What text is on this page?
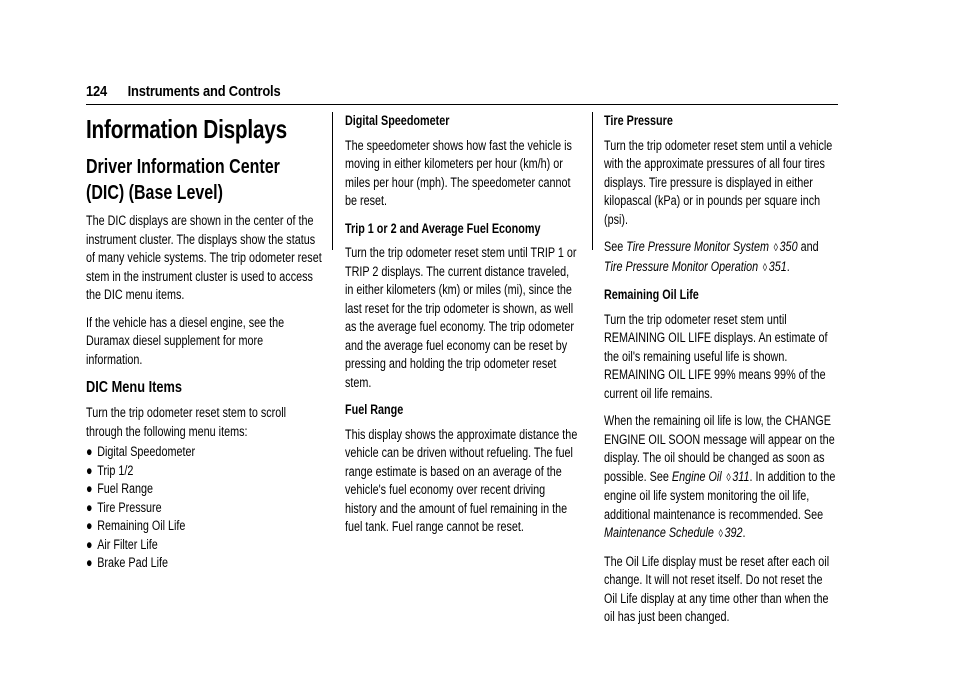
124 Instruments and Controls
Information Displays
Driver Information Center (DIC) (Base Level)

The DIC displays are shown in the center of the instrument cluster. The displays show the status of many vehicle systems. The trip odometer reset stem in the instrument cluster is used to access the DIC menu items.

If the vehicle has a diesel engine, see the Duramax diesel supplement for more information.

DIC Menu Items

Turn the trip odometer reset stem to scroll through the following menu items:

● Digital Speedometer
● Trip 1/2
● Fuel Range
● Tire Pressure
● Remaining Oil Life
● Air Filter Life
● Brake Pad Life
Digital Speedometer

The speedometer shows how fast the vehicle is moving in either kilometers per hour (km/h) or miles per hour (mph). The speedometer cannot be reset.

Trip 1 or 2 and Average Fuel Economy

Turn the trip odometer reset stem until TRIP 1 or TRIP 2 displays. The current distance traveled, in either kilometers (km) or miles (mi), since the last reset for the trip odometer is shown, as well as the average fuel economy. The trip odometer and the average fuel economy can be reset by pressing and holding the trip odometer reset stem.

Fuel Range

This display shows the approximate distance the vehicle can be driven without refueling. The fuel range estimate is based on an average of the vehicle's fuel economy over recent driving history and the amount of fuel remaining in the fuel tank. Fuel range cannot be reset.

Tire Pressure

Turn the trip odometer reset stem until a vehicle with the approximate pressures of all four tires displays. Tire pressure is displayed in either kilopascal (kPa) or in pounds per square inch (psi).

See Tire Pressure Monitor System ◊ 350 and Tire Pressure Monitor Operation ◊ 351.

Remaining Oil Life

Turn the trip odometer reset stem until REMAINING OIL LIFE displays. An estimate of the oil's remaining useful life is shown. REMAINING OIL LIFE 99% means 99% of the current oil life remains.

When the remaining oil life is low, the CHANGE ENGINE OIL SOON message will appear on the display. The oil should be changed as soon as possible. See Engine Oil ◊ 311. In addition to the engine oil life system monitoring the oil life, additional maintenance is recommended. See Maintenance Schedule ◊ 392.

The Oil Life display must be reset after each oil change. It will not reset itself. Do not reset the Oil Life display at any time other than when the oil has just been changed.
